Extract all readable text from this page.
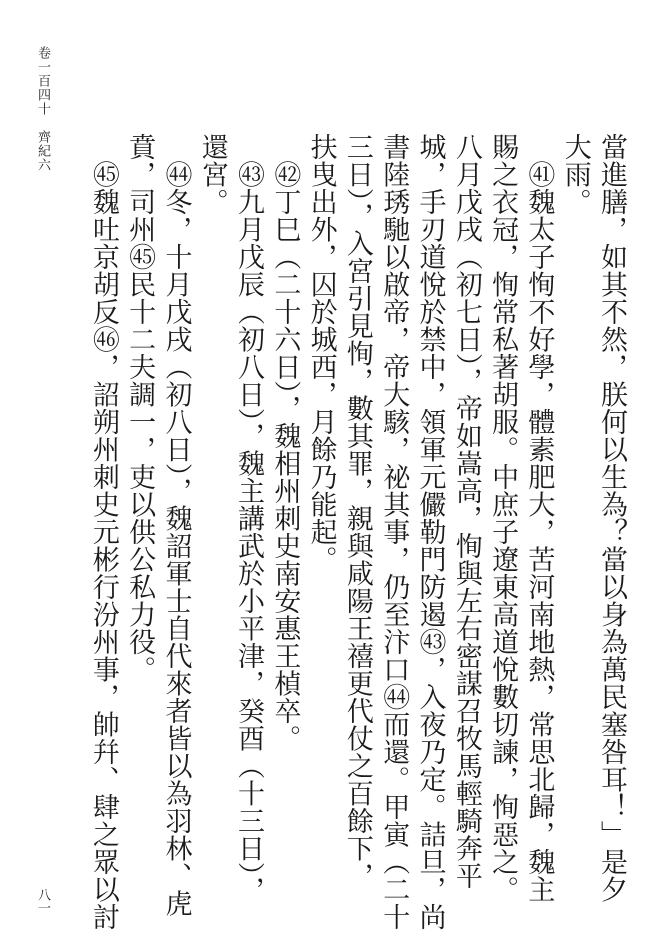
卷一百四十　齊紀六
當進膳，如其不然，朕何以生為？當以身為萬民塞咎耳！」是夕
大雨。
　㊶魏太子恂不好學，體素肥大，苦河南地熱，常思北歸，魏主
賜之衣冠，恂常私著胡服。中庶子遼東高道悅數切諫，恂惡之。
八月戊戌（初七日），帝如嵩高，恂與左右密謀召牧馬輕騎奔平
城，手刃道悅於禁中，領軍元儼勒門防遏㊸，入夜乃定。詰旦，尚
書陸琇馳以啟帝，帝大駭，祕其事，仍至汴口㊹而還。甲寅（二十
三日），入宮引見恂，數其罪，親與咸陽王禧更代仗之百餘下，
扶曳出外，囚於城西，月餘乃能起。
　㊷丁巳（二十六日），魏相州刺史南安惠王楨卒。
　㊸九月戊辰（初八日），魏主講武於小平津，癸酉（十三日），
還宮。
　㊹冬，十月戊戌（初八日），魏詔軍士自代來者皆以為羽林、虎
賁，司州㊺民十二夫調一，吏以供公私力役。
　㊺魏吐京胡反㊻，詔朔州刺史元彬行汾州事，帥幷、肆之眾以討
八一
